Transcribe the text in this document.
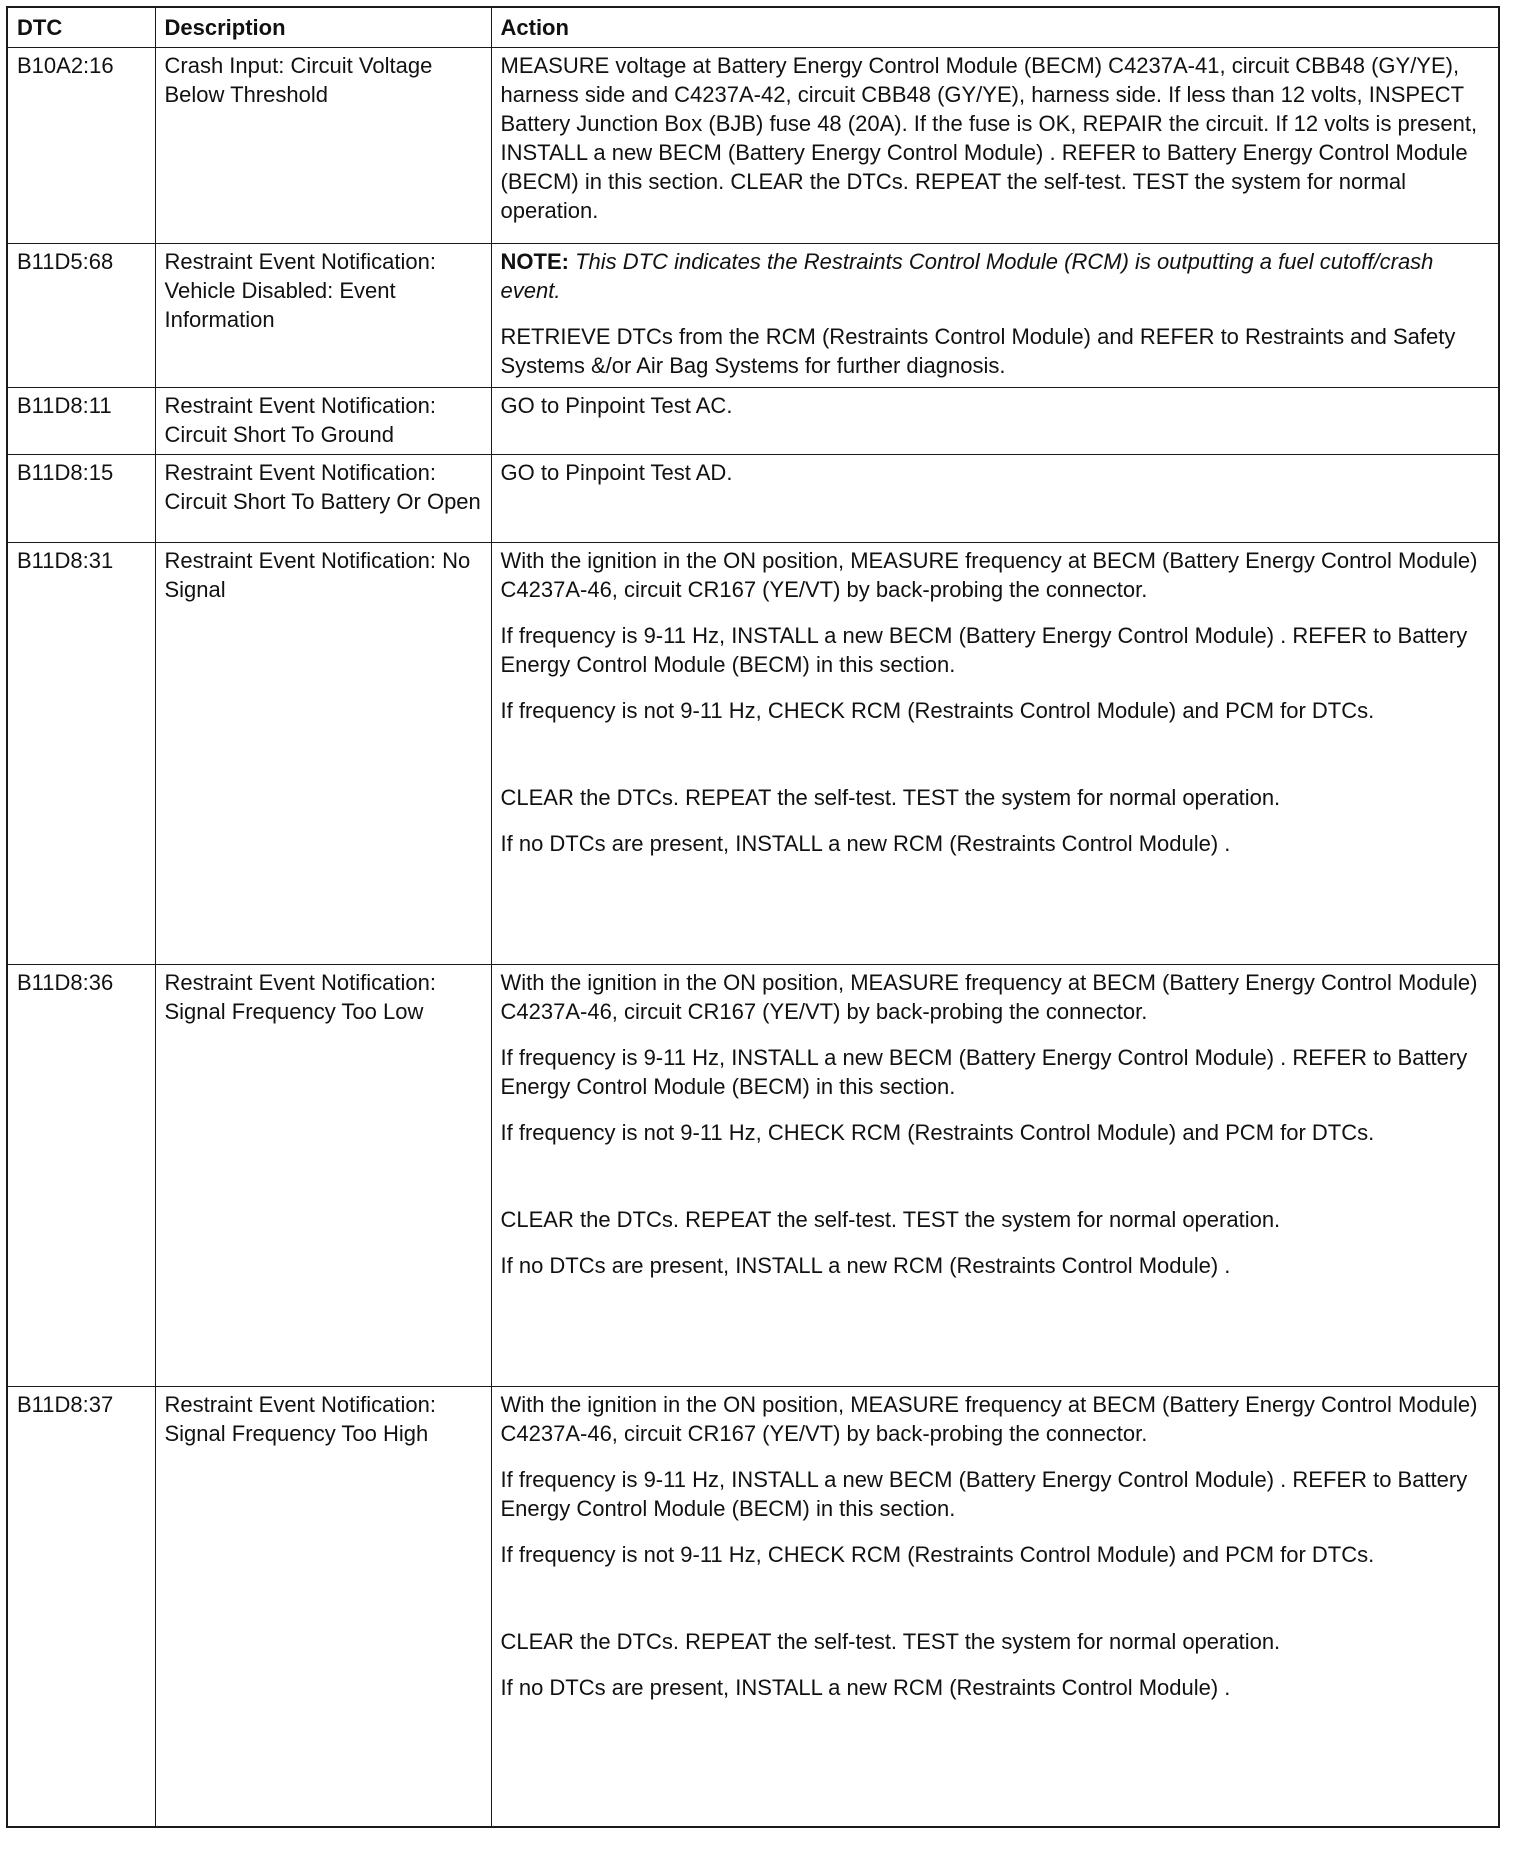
DTC	Description	Action
B10A2:16	Crash Input: Circuit Voltage Below Threshold	MEASURE voltage at Battery Energy Control Module (BECM) C4237A-41, circuit CBB48 (GY/YE), harness side and C4237A-42, circuit CBB48 (GY/YE), harness side. If less than 12 volts, INSPECT Battery Junction Box (BJB) fuse 48 (20A). If the fuse is OK, REPAIR the circuit. If 12 volts is present, INSTALL a new BECM (Battery Energy Control Module) . REFER to Battery Energy Control Module (BECM) in this section. CLEAR the DTCs. REPEAT the self-test. TEST the system for normal operation.

B11D5:68	Restraint Event Notification: Vehicle Disabled: Event Information	NOTE: This DTC indicates the Restraints Control Module (RCM) is outputting a fuel cutoff/crash event.

RETRIEVE DTCs from the RCM (Restraints Control Module) and REFER to Restraints and Safety Systems &/or Air Bag Systems for further diagnosis.

B11D8:11	Restraint Event Notification: Circuit Short To Ground	GO to Pinpoint Test AC.

B11D8:15	Restraint Event Notification: Circuit Short To Battery Or Open	GO to Pinpoint Test AD.

B11D8:31	Restraint Event Notification: No Signal	With the ignition in the ON position, MEASURE frequency at BECM (Battery Energy Control Module) C4237A-46, circuit CR167 (YE/VT) by back-probing the connector.

If frequency is 9-11 Hz, INSTALL a new BECM (Battery Energy Control Module) . REFER to Battery Energy Control Module (BECM) in this section.

If frequency is not 9-11 Hz, CHECK RCM (Restraints Control Module) and PCM for DTCs.

CLEAR the DTCs. REPEAT the self-test. TEST the system for normal operation.

If no DTCs are present, INSTALL a new RCM (Restraints Control Module) .

B11D8:36	Restraint Event Notification: Signal Frequency Too Low	With the ignition in the ON position, MEASURE frequency at BECM (Battery Energy Control Module) C4237A-46, circuit CR167 (YE/VT) by back-probing the connector.

If frequency is 9-11 Hz, INSTALL a new BECM (Battery Energy Control Module) . REFER to Battery Energy Control Module (BECM) in this section.

If frequency is not 9-11 Hz, CHECK RCM (Restraints Control Module) and PCM for DTCs.

CLEAR the DTCs. REPEAT the self-test. TEST the system for normal operation.

If no DTCs are present, INSTALL a new RCM (Restraints Control Module) .

B11D8:37	Restraint Event Notification: Signal Frequency Too High	With the ignition in the ON position, MEASURE frequency at BECM (Battery Energy Control Module) C4237A-46, circuit CR167 (YE/VT) by back-probing the connector.

If frequency is 9-11 Hz, INSTALL a new BECM (Battery Energy Control Module) . REFER to Battery Energy Control Module (BECM) in this section.

If frequency is not 9-11 Hz, CHECK RCM (Restraints Control Module) and PCM for DTCs.

CLEAR the DTCs. REPEAT the self-test. TEST the system for normal operation.

If no DTCs are present, INSTALL a new RCM (Restraints Control Module) .
